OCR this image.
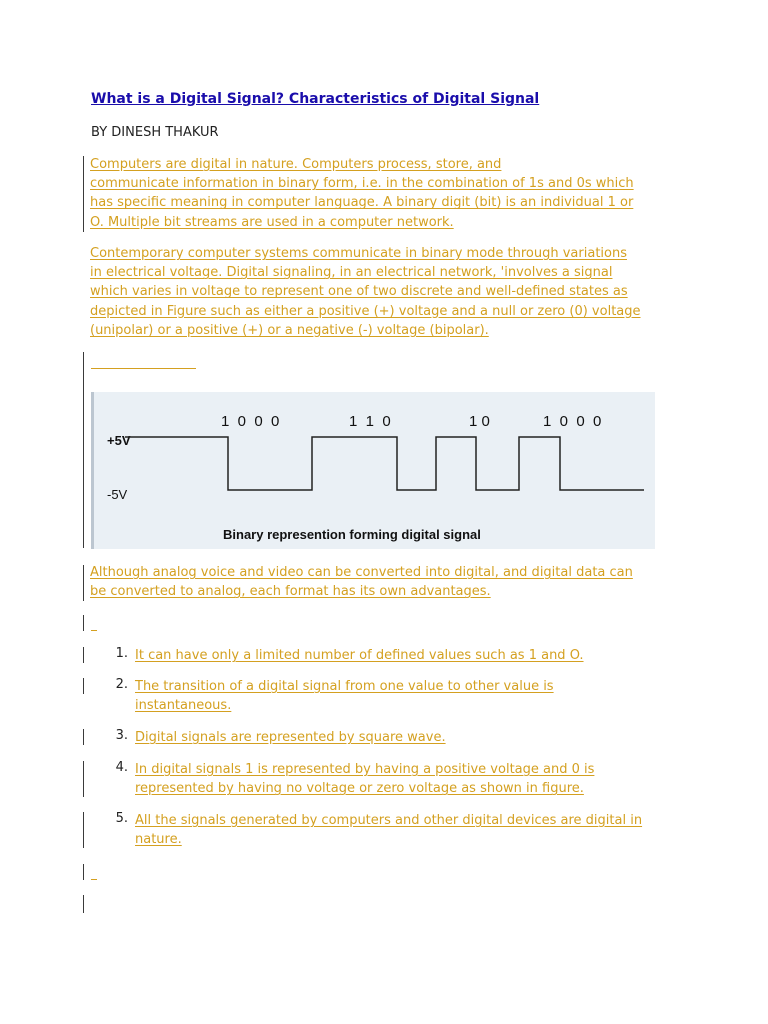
What is a Digital Signal? Characteristics of Digital Signal

BY DINESH THAKUR

Computers are digital in nature. Computers process, store, and
communicate information in binary form, i.e. in the combination of 1s and 0s which
has specific meaning in computer language. A binary digit (bit) is an individual 1 or
O. Multiple bit streams are used in a computer network.

Contemporary computer systems communicate in binary mode through variations
in electrical voltage. Digital signaling, in an electrical network, 'involves a signal
which varies in voltage to represent one of two discrete and well-defined states as
depicted in Figure such as either a positive (+) voltage and a null or zero (0) voltage
(unipolar) or a positive (+) or a negative (-) voltage (bipolar).

+5V
-5V
1  0  0  0	1  1  0	1 0	1  0  0  0
Binary represention forming digital signal

Although analog voice and video can be converted into digital, and digital data can
be converted to analog, each format has its own advantages.

1. It can have only a limited number of defined values such as 1 and O.

2. The transition of a digital signal from one value to other value is
instantaneous.

3. Digital signals are represented by square wave.

4. In digital signals 1 is represented by having a positive voltage and 0 is
represented by having no voltage or zero voltage as shown in figure.

5. All the signals generated by computers and other digital devices are digital in
nature.
